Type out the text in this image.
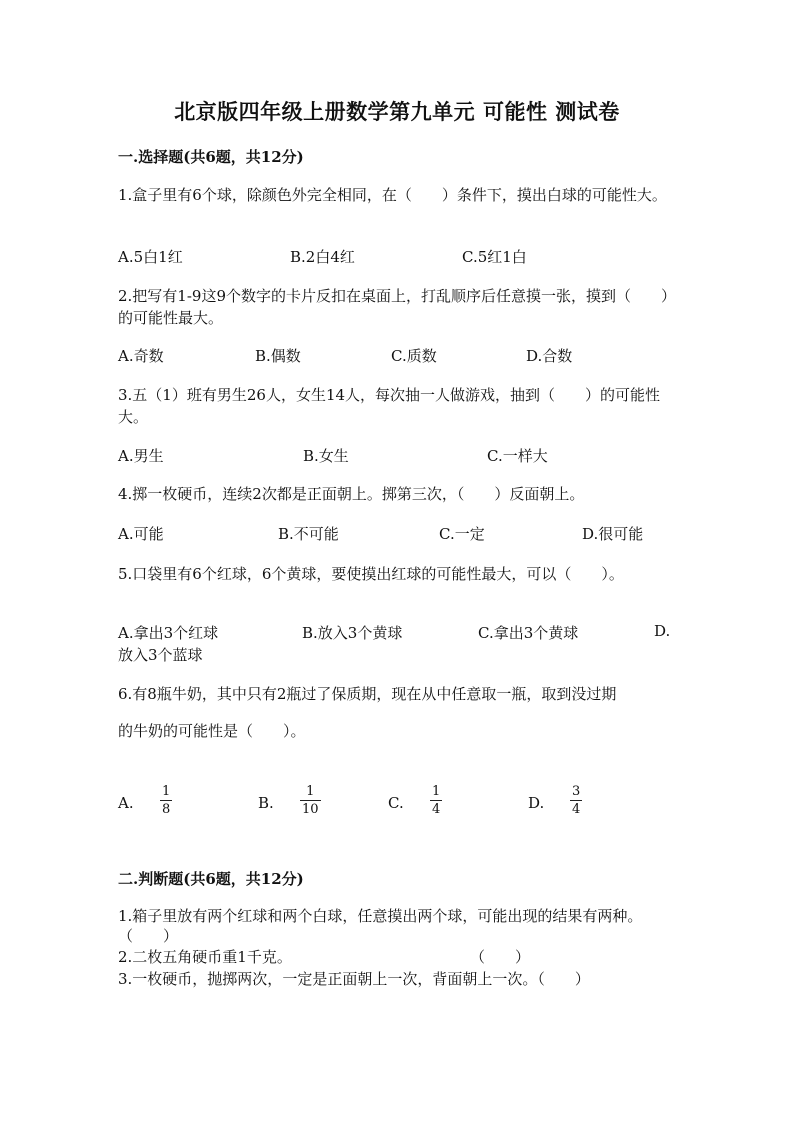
北京版四年级上册数学第九单元 可能性 测试卷
一.选择题(共6题，共12分)
1.盒子里有6个球，除颜色外完全相同，在（　　）条件下，摸出白球的可能性大。
A.5白1红	B.2白4红	C.5红1白
2.把写有1-9这9个数字的卡片反扣在桌面上，打乱顺序后任意摸一张，摸到（　　）的可能性最大。
A.奇数	B.偶数	C.质数	D.合数
3.五（1）班有男生26人，女生14人，每次抽一人做游戏，抽到（　　）的可能性大。
A.男生	B.女生	C.一样大
4.掷一枚硬币，连续2次都是正面朝上。掷第三次，（　　）反面朝上。
A.可能	B.不可能	C.一定	D.很可能
5.口袋里有6个红球，6个黄球，要使摸出红球的可能性最大，可以（　　）。
A.拿出3个红球	B.放入3个黄球	C.拿出3个黄球	D.
放入3个蓝球
6.有8瓶牛奶，其中只有2瓶过了保质期，现在从中任意取一瓶，取到没过期
的牛奶的可能性是（　　）。
A.
1
8	B.
1
10	C.
1
4	D.
3
4
二.判断题(共6题，共12分)
1.箱子里放有两个红球和两个白球，任意摸出两个球，可能出现的结果有两种。（　　）
2.二枚五角硬币重1千克。	（　　）
3.一枚硬币，抛掷两次，一定是正面朝上一次，背面朝上一次。（　　）
